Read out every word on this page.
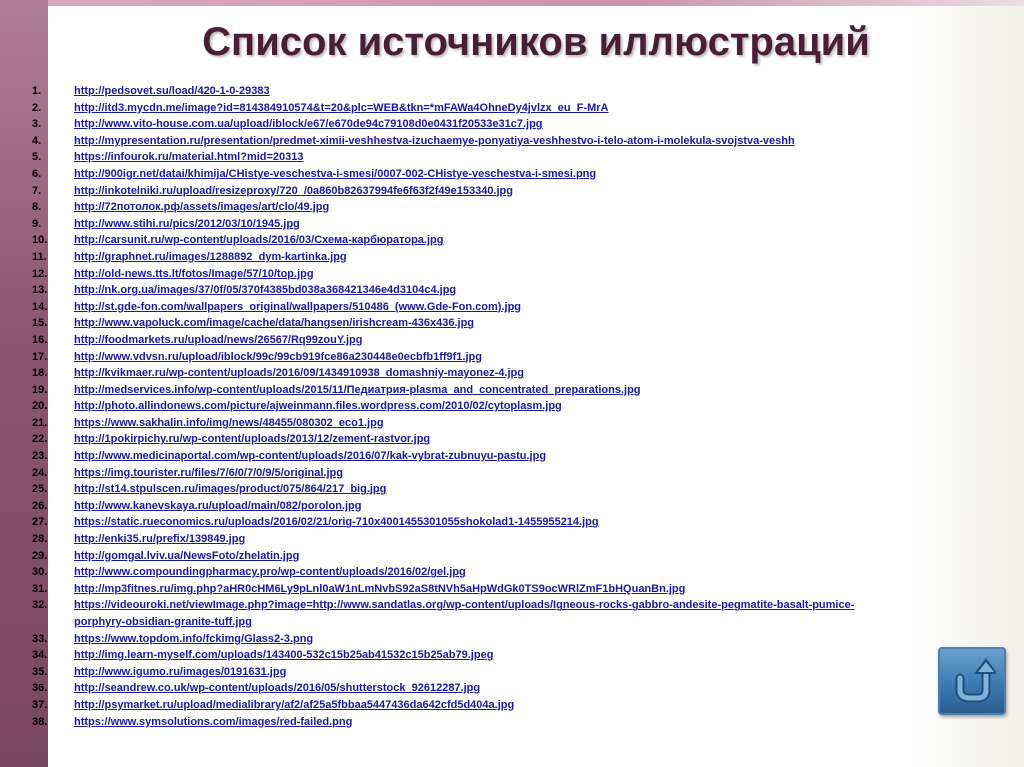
Список источников иллюстраций
1.	http://pedsovet.su/load/420-1-0-29383
2.	http://itd3.mycdn.me/image?id=814384910574&t=20&plc=WEB&tkn=*mFAWa4OhneDy4jvlzx_eu_F-MrA
3.	http://www.vito-house.com.ua/upload/iblock/e67/e670de94c79108d0e0431f20533e31c7.jpg
4.	http://mypresentation.ru/presentation/predmet-ximii-veshhestva-izuchaemye-ponyatiya-veshhestvo-i-telo-atom-i-molekula-svojstva-veshh
5.	https://infourok.ru/material.html?mid=20313
6.	http://900igr.net/datai/khimija/CHistye-veschestva-i-smesi/0007-002-CHistye-veschestva-i-smesi.png
7.	http://inkotelniki.ru/upload/resizeproxy/720_/0a860b82637994fe6f63f2f49e153340.jpg
8.	http://72потолок.рф/assets/images/art/clo/49.jpg
9.	http://www.stihi.ru/pics/2012/03/10/1945.jpg
10.	http://carsunit.ru/wp-content/uploads/2016/03/Схема-карбюратора.jpg
11.	http://graphnet.ru/images/1288892_dym-kartinka.jpg
12.	http://old-news.tts.lt/fotos/Image/57/10/top.jpg
13.	http://nk.org.ua/images/37/0f/05/370f4385bd038a368421346e4d3104c4.jpg
14.	http://st.gde-fon.com/wallpapers_original/wallpapers/510486_(www.Gde-Fon.com).jpg
15.	http://www.vapoluck.com/image/cache/data/hangsen/irishcream-436x436.jpg
16.	http://foodmarkets.ru/upload/news/26567/Rq99zouY.jpg
17.	http://www.vdvsn.ru/upload/iblock/99c/99cb919fce86a230448e0ecbfb1ff9f1.jpg
18.	http://kvikmaer.ru/wp-content/uploads/2016/09/1434910938_domashniy-mayonez-4.jpg
19.	http://medservices.info/wp-content/uploads/2015/11/Педиатрия-plasma_and_concentrated_preparations.jpg
20.	http://photo.allindonews.com/picture/ajweinmann.files.wordpress.com/2010/02/cytoplasm.jpg
21.	https://www.sakhalin.info/img/news/48455/080302_eco1.jpg
22.	http://1pokirpichy.ru/wp-content/uploads/2013/12/zement-rastvor.jpg
23.	http://www.medicinaportal.com/wp-content/uploads/2016/07/kak-vybrat-zubnuyu-pastu.jpg
24.	https://img.tourister.ru/files/7/6/0/7/0/9/5/original.jpg
25.	http://st14.stpulscen.ru/images/product/075/864/217_big.jpg
26.	http://www.kanevskaya.ru/upload/main/082/porolon.jpg
27.	https://static.rueconomics.ru/uploads/2016/02/21/orig-710x4001455301055shokolad1-1455955214.jpg
28.	http://enki35.ru/prefix/139849.jpg
29.	http://gomgal.lviv.ua/NewsFoto/zhelatin.jpg
30.	http://www.compoundingpharmacy.pro/wp-content/uploads/2016/02/gel.jpg
31.	http://mp3fitnes.ru/img.php?aHR0cHM6Ly9pLnl0aW1nLmNvbS92aS8tNVh5aHpWdGk0TS9ocWRlZmF1bHQuanBn.jpg
32.	https://videouroki.net/viewImage.php?image=http://www.sandatlas.org/wp-content/uploads/Igneous-rocks-gabbro-andesite-pegmatite-basalt-pumice-
porphyry-obsidian-granite-tuff.jpg
33.	https://www.topdom.info/fckimg/Glass2-3.png
34.	http://img.learn-myself.com/uploads/143400-532c15b25ab41532c15b25ab79.jpeg
35.	http://www.igumo.ru/images/0191631.jpg
36.	http://seandrew.co.uk/wp-content/uploads/2016/05/shutterstock_92612287.jpg
37.	http://psymarket.ru/upload/medialibrary/af2/af25a5fbbaa5447436da642cfd5d404a.jpg
38.	https://www.symsolutions.com/images/red-failed.png
